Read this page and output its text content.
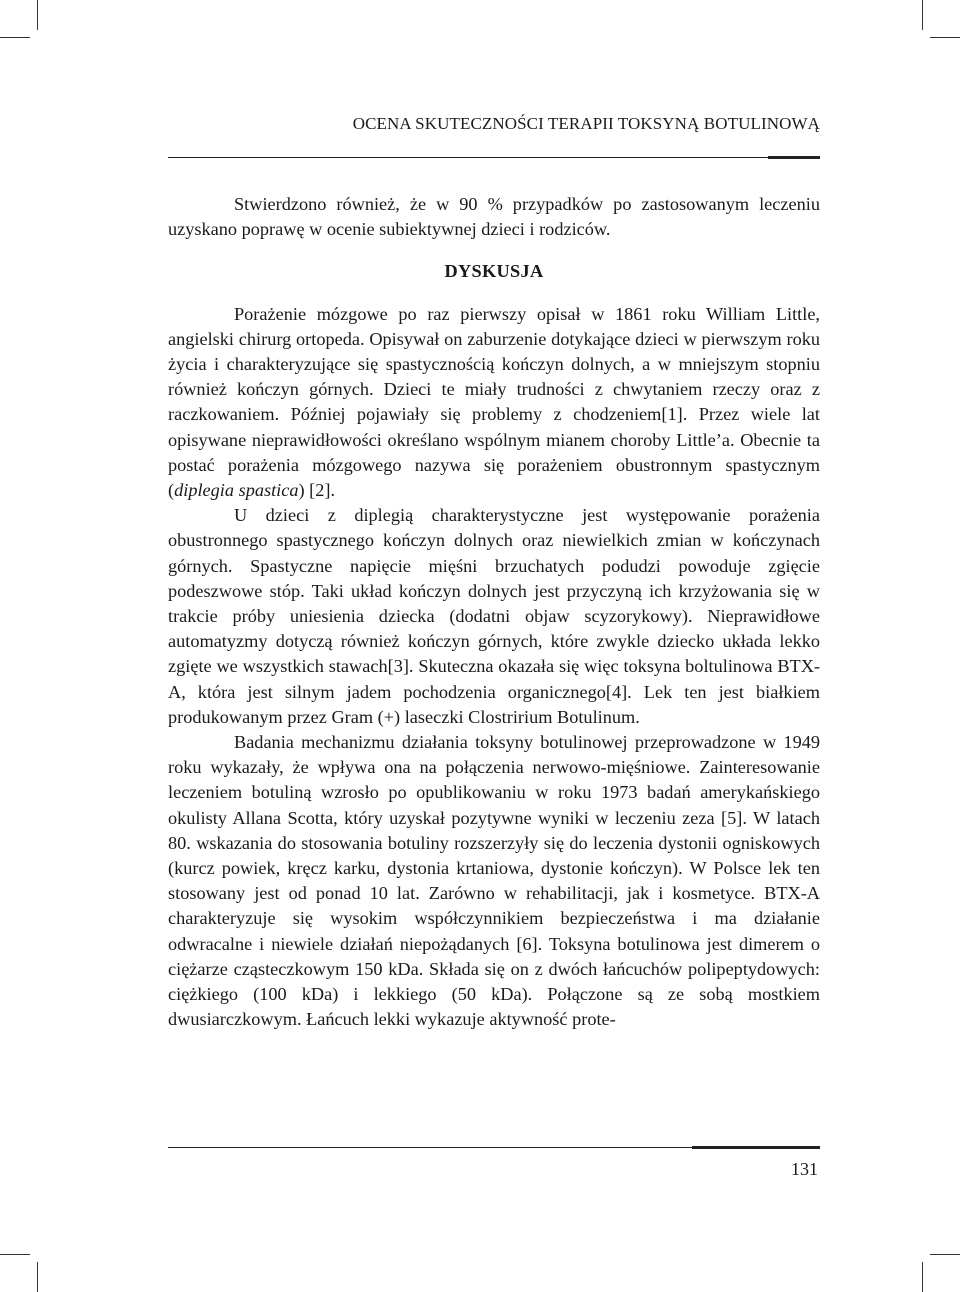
OCENA SKUTECZNOŚCI TERAPII TOKSYNĄ BOTULINOWĄ

Stwierdzono również, że w 90 % przypadków po zastosowanym leczeniu uzyskano poprawę w ocenie subiektywnej dzieci i rodziców.

DYSKUSJA

Porażenie mózgowe po raz pierwszy opisał w 1861 roku William Little, angielski chirurg ortopeda. Opisywał on zaburzenie dotykające dzieci w pierwszym roku życia i charakteryzujące się spastycznością kończyn dolnych, a w mniejszym stopniu również kończyn górnych. Dzieci te miały trudności z chwytaniem rzeczy oraz z raczkowaniem. Później pojawiały się problemy z chodzeniem[1]. Przez wiele lat opisywane nieprawidłowości określano wspólnym mianem choroby Little’a. Obecnie ta postać porażenia mózgowego nazywa się porażeniem obustronnym spastycznym (diplegia spastica) [2].

U dzieci z diplegią charakterystyczne jest występowanie porażenia obustronnego spastycznego kończyn dolnych oraz niewielkich zmian w kończynach górnych. Spastyczne napięcie mięśni brzuchatych podudzi powoduje zgięcie podeszwowe stóp. Taki układ kończyn dolnych jest przyczyną ich krzyżowania się w trakcie próby uniesienia dziecka (dodatni objaw scyzorykowy). Nieprawidłowe automatyzmy dotyczą również kończyn górnych, które zwykle dziecko układa lekko zgięte we wszystkich stawach[3]. Skuteczna okazała się więc toksyna boltulinowa BTX-A, która jest silnym jadem pochodzenia organicznego[4]. Lek ten jest białkiem produkowanym przez Gram (+) laseczki Clostririum Botulinum.

Badania mechanizmu działania toksyny botulinowej przeprowadzone w 1949 roku wykazały, że wpływa ona na połączenia nerwowo-mięśniowe. Zainteresowanie leczeniem botuliną wzrosło po opublikowaniu w roku 1973 badań amerykańskiego okulisty Allana Scotta, który uzyskał pozytywne wyniki w leczeniu zeza [5]. W latach 80. wskazania do stosowania botuliny rozszerzyły się do leczenia dystonii ogniskowych (kurcz powiek, kręcz karku, dystonia krtaniowa, dystonie kończyn). W Polsce lek ten stosowany jest od ponad 10 lat. Zarówno w rehabilitacji, jak i kosmetyce. BTX-A charakteryzuje się wysokim współczynnikiem bezpieczeństwa i ma działanie odwracalne i niewiele działań niepożądanych [6]. Toksyna botulinowa jest dimerem o ciężarze cząsteczkowym 150 kDa. Składa się on z dwóch łańcuchów polipeptydowych: ciężkiego (100 kDa) i lekkiego (50 kDa). Połączone są ze sobą mostkiem dwusiarczkowym. Łańcuch lekki wykazuje aktywność prote-

131
